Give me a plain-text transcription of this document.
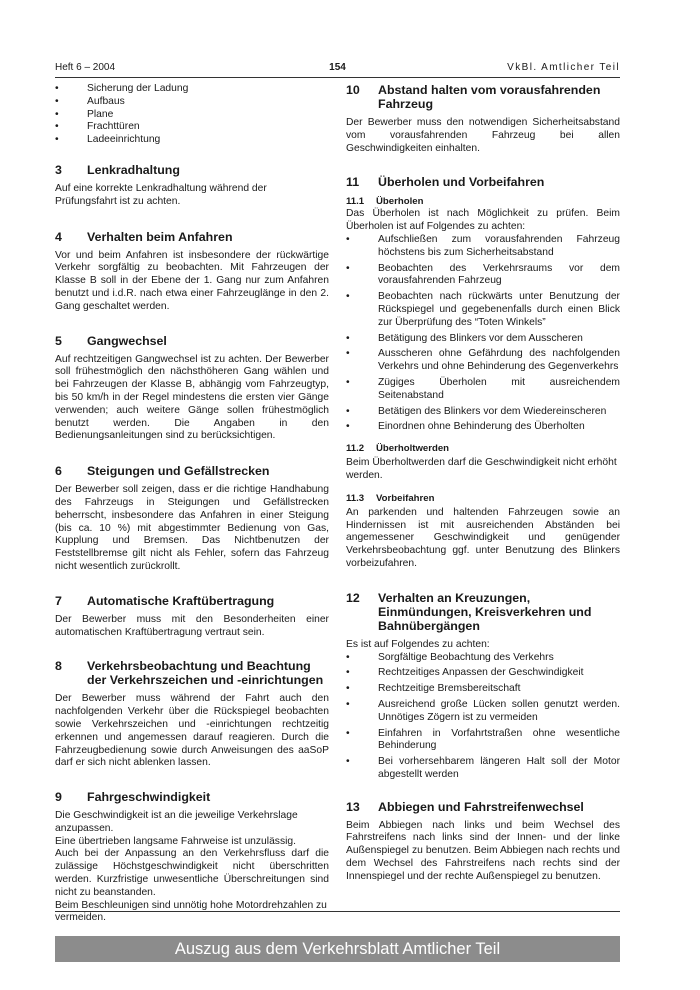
Heft 6 – 2004	154	VkBl. Amtlicher Teil
• Sicherung der Ladung
• Aufbaus
• Plane
• Frachttüren
• Ladeeinrichtung
3	Lenkradhaltung

Auf eine korrekte Lenkradhaltung während der Prüfungsfahrt ist zu achten.

4	Verhalten beim Anfahren

Vor und beim Anfahren ist insbesondere der rückwärtige Verkehr sorgfältig zu beobachten. Mit Fahrzeugen der Klasse B soll in der Ebene der 1. Gang nur zum Anfahren benutzt und i.d.R. nach etwa einer Fahrzeuglänge in den 2. Gang geschaltet werden.

5	Gangwechsel

Auf rechtzeitigen Gangwechsel ist zu achten. Der Bewerber soll frühestmöglich den nächsthöheren Gang wählen und bei Fahrzeugen der Klasse B, abhängig vom Fahrzeugtyp, bis 50 km/h in der Regel mindestens die ersten vier Gänge verwenden; auch weitere Gänge sollen frühestmöglich benutzt werden. Die Angaben in den Bedienungsanleitungen sind zu berücksichtigen.

6	Steigungen und Gefällstrecken

Der Bewerber soll zeigen, dass er die richtige Handhabung des Fahrzeugs in Steigungen und Gefällstrecken beherrscht, insbesondere das Anfahren in einer Steigung (bis ca. 10 %) mit abgestimmter Bedienung von Gas, Kupplung und Bremsen. Das Nichtbenutzen der Feststellbremse gilt nicht als Fehler, sofern das Fahrzeug nicht wesentlich zurückrollt.

7	Automatische Kraftübertragung

Der Bewerber muss mit den Besonderheiten einer automatischen Kraftübertragung vertraut sein.

8	Verkehrsbeobachtung und Beachtung der Verkehrszeichen und -einrichtungen

Der Bewerber muss während der Fahrt auch den nachfolgenden Verkehr über die Rückspiegel beobachten sowie Verkehrszeichen und -einrichtungen rechtzeitig erkennen und angemessen darauf reagieren. Durch die Fahrzeugbedienung sowie durch Anweisungen des aaSoP darf er sich nicht ablenken lassen.

9	Fahrgeschwindigkeit

Die Geschwindigkeit ist an die jeweilige Verkehrslage anzupassen.

Eine übertrieben langsame Fahrweise ist unzulässig.

Auch bei der Anpassung an den Verkehrsfluss darf die zulässige Höchstgeschwindigkeit nicht überschritten werden. Kurzfristige unwesentliche Überschreitungen sind nicht zu beanstanden.

Beim Beschleunigen sind unnötig hohe Motordrehzahlen zu vermeiden.

10	Abstand halten vom vorausfahrenden Fahrzeug

Der Bewerber muss den notwendigen Sicherheitsabstand vom vorausfahrenden Fahrzeug bei allen Geschwindigkeiten einhalten.

11	Überholen und Vorbeifahren
11.1	Überholen

Das Überholen ist nach Möglichkeit zu prüfen. Beim Überholen ist auf Folgendes zu achten:

• Aufschließen zum vorausfahrenden Fahrzeug höchstens bis zum Sicherheitsabstand
• Beobachten des Verkehrsraums vor dem vorausfahrenden Fahrzeug
• Beobachten nach rückwärts unter Benutzung der Rückspiegel und gegebenenfalls durch einen Blick zur Überprüfung des “Toten Winkels”
• Betätigung des Blinkers vor dem Ausscheren
• Ausscheren ohne Gefährdung des nachfolgenden Verkehrs und ohne Behinderung des Gegenverkehrs
• Zügiges Überholen mit ausreichendem Seitenabstand
• Betätigen des Blinkers vor dem Wiedereinscheren
• Einordnen ohne Behinderung des Überholten
11.2	Überholtwerden

Beim Überholtwerden darf die Geschwindigkeit nicht erhöht werden.

11.3	Vorbeifahren

An parkenden und haltenden Fahrzeugen sowie an Hindernissen ist mit ausreichenden Abständen bei angemessener Geschwindigkeit und genügender Verkehrsbeobachtung ggf. unter Benutzung des Blinkers vorbeizufahren.

12	Verhalten an Kreuzungen, Einmündungen, Kreisverkehren und Bahnübergängen

Es ist auf Folgendes zu achten:

• Sorgfältige Beobachtung des Verkehrs
• Rechtzeitiges Anpassen der Geschwindigkeit
• Rechtzeitige Bremsbereitschaft
• Ausreichend große Lücken sollen genutzt werden. Unnötiges Zögern ist zu vermeiden
• Einfahren in Vorfahrtstraßen ohne wesentliche Behinderung
• Bei vorhersehbarem längeren Halt soll der Motor abgestellt werden
13	Abbiegen und Fahrstreifenwechsel

Beim Abbiegen nach links und beim Wechsel des Fahrstreifens nach links sind der Innen- und der linke Außenspiegel zu benutzen. Beim Abbiegen nach rechts und dem Wechsel des Fahrstreifens nach rechts sind der Innenspiegel und der rechte Außenspiegel zu benutzen.

Auszug aus dem Verkehrsblatt Amtlicher Teil
